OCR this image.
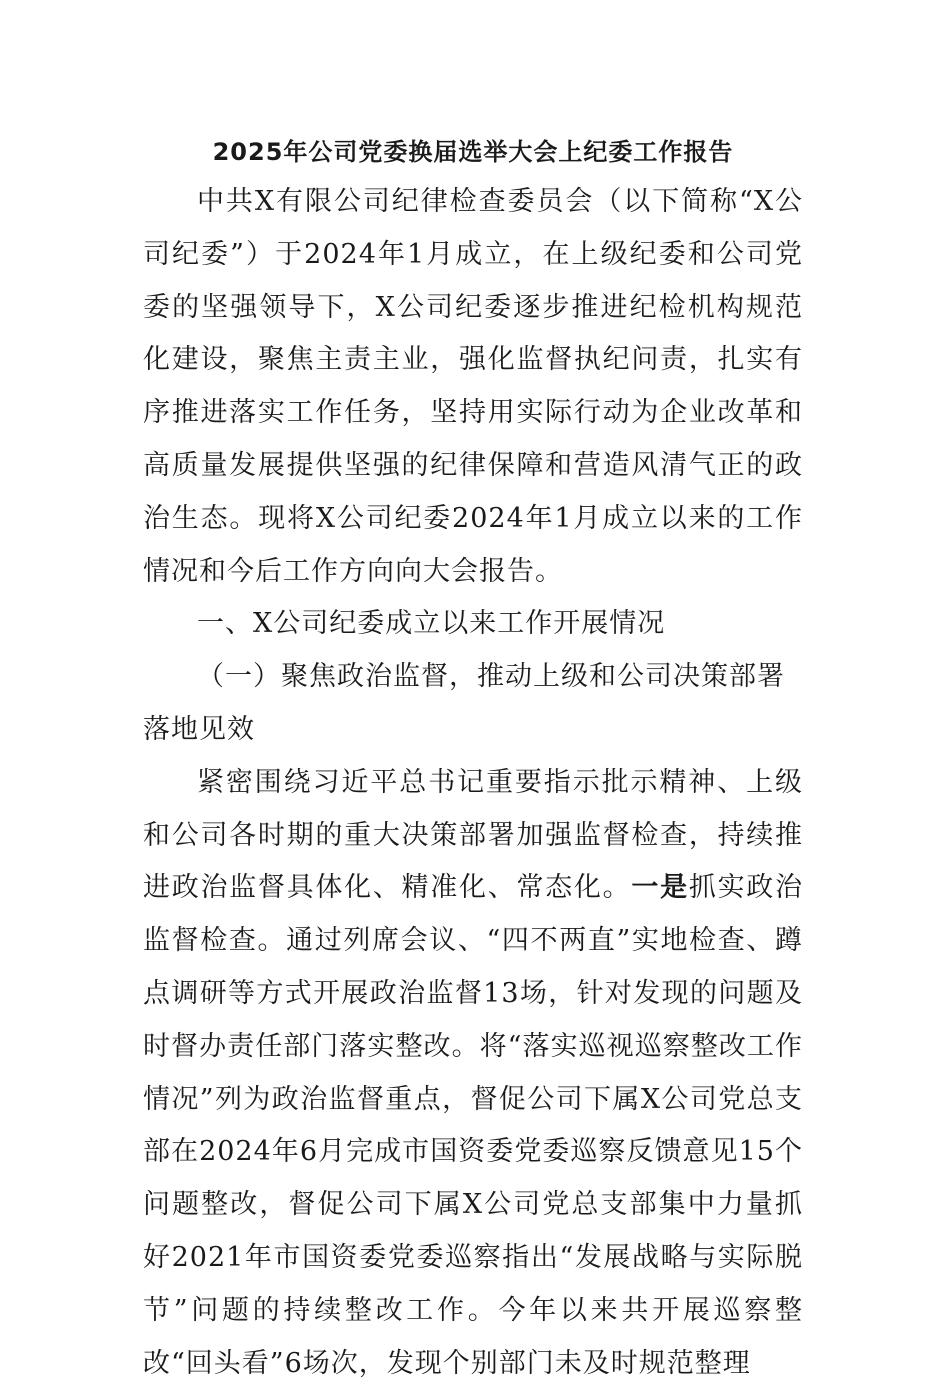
2025年公司党委换届选举大会上纪委工作报告

中共X有限公司纪律检查委员会（以下简称“X公司纪委”）于2024年1月成立，在上级纪委和公司党委的坚强领导下，X公司纪委逐步推进纪检机构规范化建设，聚焦主责主业，强化监督执纪问责，扎实有序推进落实工作任务，坚持用实际行动为企业改革和高质量发展提供坚强的纪律保障和营造风清气正的政治生态。现将X公司纪委2024年1月成立以来的工作情况和今后工作方向向大会报告。

一、X公司纪委成立以来工作开展情况

（一）聚焦政治监督，推动上级和公司决策部署落地见效

紧密围绕习近平总书记重要指示批示精神、上级和公司各时期的重大决策部署加强监督检查，持续推进政治监督具体化、精准化、常态化。一是抓实政治监督检查。通过列席会议、“四不两直”实地检查、蹲点调研等方式开展政治监督13场，针对发现的问题及时督办责任部门落实整改。将“落实巡视巡察整改工作情况”列为政治监督重点，督促公司下属X公司党总支部在2024年6月完成市国资委党委巡察反馈意见15个问题整改，督促公司下属X公司党总支部集中力量抓好2021年市国资委党委巡察指出“发展战略与实际脱节”问题的持续整改工作。今年以来共开展巡察整改“回头看”6场次，发现个别部门未及时规范整理
